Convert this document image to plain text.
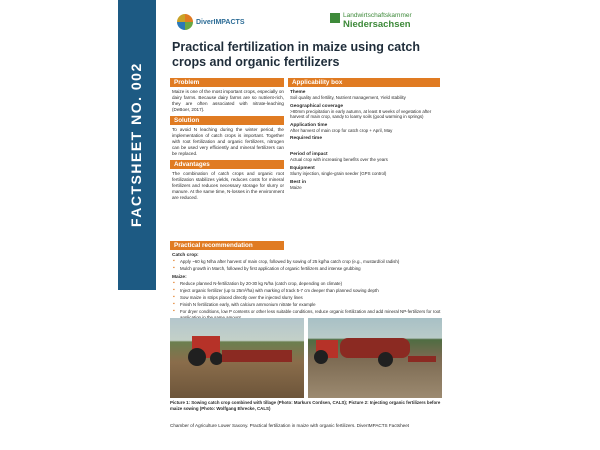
FACTSHEET NO. 002
DiverIMPACTS
Landwirtschaftskammer
Niedersachsen
Practical fertilization in maize using catch crops and organic fertilizers
Problem
Maize is one of the most important crops, especially on dairy farms. Because dairy farms are so nutrient-rich, they are often associated with nitrate-leaching (DeBoer, 2017).
Solution
To avoid N leaching during the winter period, the implementation of catch crops is important. Together with root fertilization and organic fertilizers, nitrogen can be used very efficiently and mineral fertilizers can be replaced.
Advantages
The combination of catch crops and organic root fertilization stabilizes yields, reduces costs for mineral fertilizers and reduces necessary storage for slurry or manure. At the same time, N-losses in the environment are reduced.
Applicability box
Theme
Soil quality and fertility, Nutrient management, Yield stability
Geographical coverage
>80mm precipitation in early autumn, at least 8 weeks of vegetation after harvest of main crop, sandy to loamy soils (good warming in springs)
Application time
After harvest of main crop for catch crop + April, May
Required time
Period of impact
Actual crop with increasing benefits over the years
Equipment
Slurry injection, single-grain seeder (GPS control)
Best in
Maize
Practical recommendation
Catch crop:
▪ Apply ~60 kg N/ha after harvest of main crop, followed by sowing of 25 kg/ha catch crop (e.g., mustard/oil radish)
▪ Mulch growth in March, followed by first application of organic fertilizers and intense grubbing
Maize:
▪ Reduce planned N-fertilization by 20-30 kg N/ha (catch crop, depending on climate)
▪ Inject organic fertilizer (up to 25m³/ha) with marking of track 5-7 cm deeper than planned sowing depth
▪ Sow maize in strips placed directly over the injected slurry lines
▪ Finish N fertilization early, with calcium ammonium nitrate for example
▪ For dryer conditions, low P contents or other less suitable conditions, reduce organic fertilization and add mineral NP-fertilizers for root
Picture 1: Sowing catch crop combined with tillage (Photo: Markurs Cordsen, CALS); Picture 2: Injecting organic fertilizers before maize sowing (Photo: Wolfgang Ehrecke, CALS)
Chamber of Agriculture Lower Saxony. Practical fertilization in maize with organic fertilizers. DiverIMPACTS Factsheet
